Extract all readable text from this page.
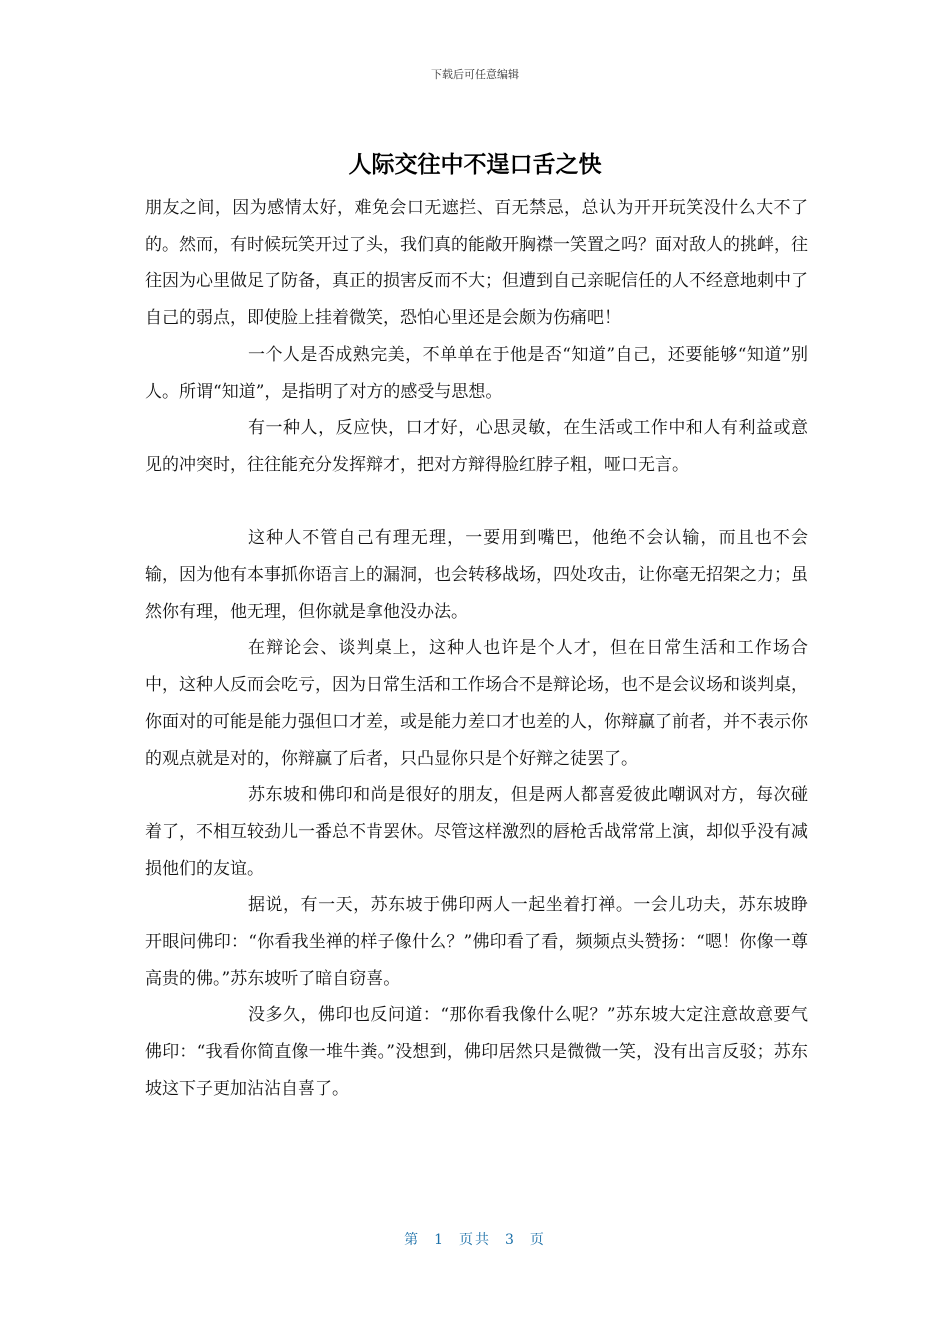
下载后可任意编辑
人际交往中不逞口舌之快

朋友之间，因为感情太好，难免会口无遮拦、百无禁忌，总认为开开玩笑没什么大不了的。然而，有时候玩笑开过了头，我们真的能敞开胸襟一笑置之吗？面对敌人的挑衅，往往因为心里做足了防备，真正的损害反而不大；但遭到自己亲昵信任的人不经意地刺中了自己的弱点，即使脸上挂着微笑，恐怕心里还是会颇为伤痛吧！

一个人是否成熟完美，不单单在于他是否“知道”自己，还要能够“知道”别人。所谓“知道”，是指明了对方的感受与思想。

有一种人，反应快，口才好，心思灵敏，在生活或工作中和人有利益或意见的冲突时，往往能充分发挥辩才，把对方辩得脸红脖子粗，哑口无言。

这种人不管自己有理无理，一要用到嘴巴，他绝不会认输，而且也不会输，因为他有本事抓你语言上的漏洞，也会转移战场，四处攻击，让你毫无招架之力；虽然你有理，他无理，但你就是拿他没办法。

在辩论会、谈判桌上，这种人也许是个人才，但在日常生活和工作场合中，这种人反而会吃亏，因为日常生活和工作场合不是辩论场，也不是会议场和谈判桌，你面对的可能是能力强但口才差，或是能力差口才也差的人，你辩赢了前者，并不表示你的观点就是对的，你辩赢了后者，只凸显你只是个好辩之徒罢了。

苏东坡和佛印和尚是很好的朋友，但是两人都喜爱彼此嘲讽对方，每次碰着了，不相互较劲儿一番总不肯罢休。尽管这样激烈的唇枪舌战常常上演，却似乎没有减损他们的友谊。

据说，有一天，苏东坡于佛印两人一起坐着打禅。一会儿功夫，苏东坡睁开眼问佛印：“你看我坐禅的样子像什么？”佛印看了看，频频点头赞扬：“嗯！你像一尊高贵的佛。”苏东坡听了暗自窃喜。

没多久，佛印也反问道：“那你看我像什么呢？”苏东坡大定注意故意要气佛印：“我看你简直像一堆牛粪。”没想到，佛印居然只是微微一笑，没有出言反驳；苏东坡这下子更加沾沾自喜了。

第 1 页共 3 页
